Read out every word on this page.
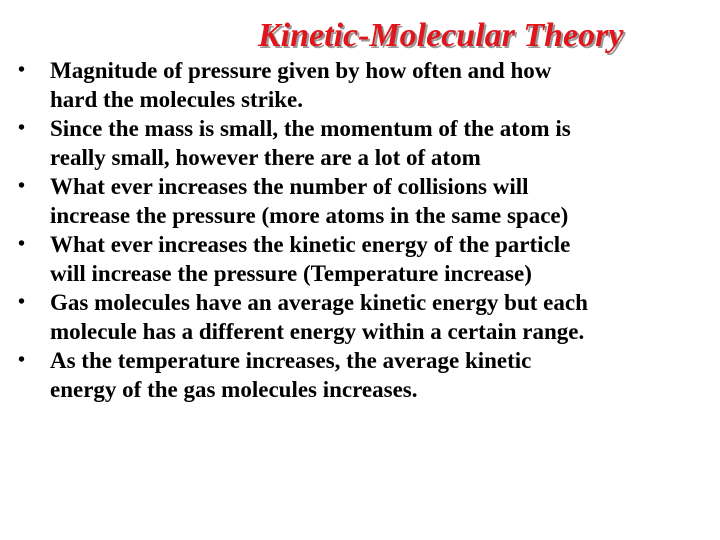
Kinetic-Molecular Theory
• Magnitude of pressure given by how often and how
hard the molecules strike.
• Since the mass is small, the momentum of the atom is
really small, however there are a lot of atom
• What ever increases the number of collisions will
increase the pressure (more atoms in the same space)
• What ever increases the kinetic energy of the particle
will increase the pressure (Temperature increase)
• Gas molecules have an average kinetic energy but each
molecule has a different energy within a certain range.
• As the temperature increases, the average kinetic
energy of the gas molecules increases.
